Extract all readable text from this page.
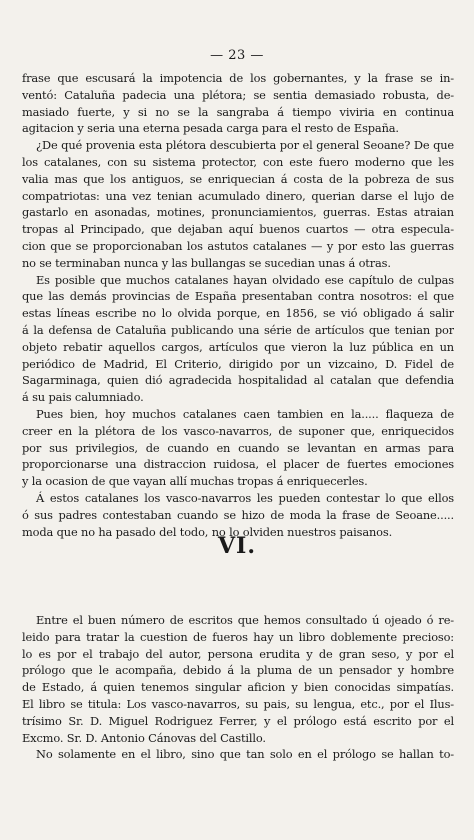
— 23 —
frase que escusará la impotencia de los gobernantes, y la frase se in-
ventó: Cataluña padecia una plétora; se sentia demasiado robusta, de-
masiado fuerte, y si no se la sangraba á tiempo viviria en continua
agitacion y seria una eterna pesada carga para el resto de España.
¿De qué provenia esta plétora descubierta por el general Seoane? De que
los catalanes, con su sistema protector, con este fuero moderno que les
valia mas que los antiguos, se enriquecian á costa de la pobreza de sus
compatriotas: una vez tenian acumulado dinero, querian darse el lujo de
gastarlo en asonadas, motines, pronunciamientos, guerras. Estas atraian
tropas al Principado, que dejaban aquí buenos cuartos — otra especula-
cion que se proporcionaban los astutos catalanes — y por esto las guerras
no se terminaban nunca y las bullangas se sucedian unas á otras.
Es posible que muchos catalanes hayan olvidado ese capítulo de culpas
que las demás provincias de España presentaban contra nosotros: el que
estas líneas escribe no lo olvida porque, en 1856, se vió obligado á salir
á la defensa de Cataluña publicando una série de artículos que tenian por
objeto rebatir aquellos cargos, artículos que vieron la luz pública en un
periódico de Madrid, El Criterio, dirigido por un vizcaino, D. Fidel de
Sagarminaga, quien dió agradecida hospitalidad al catalan que defendia
á su pais calumniado.
Pues bien, hoy muchos catalanes caen tambien en la..... flaqueza de
creer en la plétora de los vasco-navarros, de suponer que, enriquecidos
por sus privilegios, de cuando en cuando se levantan en armas para
proporcionarse una distraccion ruidosa, el placer de fuertes emociones
y la ocasion de que vayan allí muchas tropas á enriquecerles.
Á estos catalanes los vasco-navarros les pueden contestar lo que ellos
ó sus padres contestaban cuando se hizo de moda la frase de Seoane.....
moda que no ha pasado del todo, no lo olviden nuestros paisanos.
VI.
Entre el buen número de escritos que hemos consultado ú ojeado ó re-
leido para tratar la cuestion de fueros hay un libro doblemente precioso:
lo es por el trabajo del autor, persona erudita y de gran seso, y por el
prólogo que le acompaña, debido á la pluma de un pensador y hombre
de Estado, á quien tenemos singular aficion y bien conocidas simpatías.
El libro se titula: Los vasco-navarros, su pais, su lengua, etc., por el Ilus-
trísimo Sr. D. Miguel Rodriguez Ferrer, y el prólogo está escrito por el
Excmo. Sr. D. Antonio Cánovas del Castillo.
No solamente en el libro, sino que tan solo en el prólogo se hallan to-
